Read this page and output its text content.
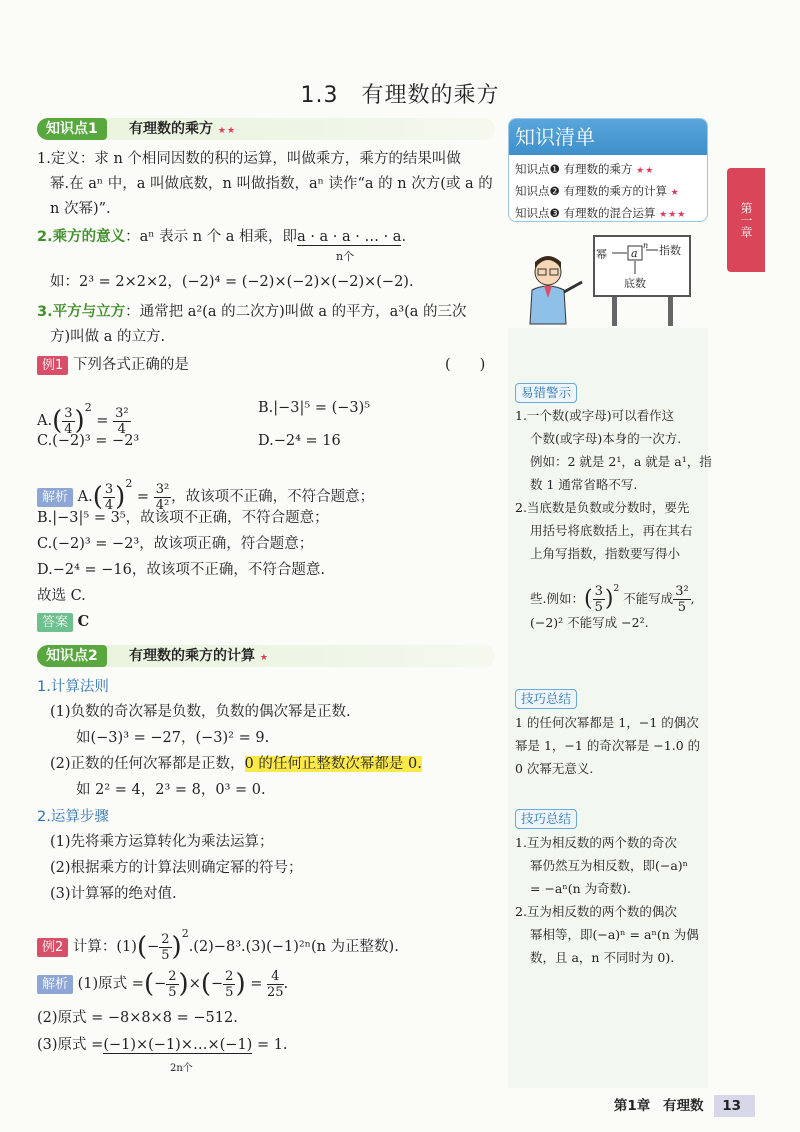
1.3　有理数的乘方
知识点1	有理数的乘方 ★★
1.定义：求 n 个相同因数的积的运算，叫做乘方，乘方的结果叫做
幂.在 aⁿ 中，a 叫做底数，n 叫做指数，aⁿ 读作“a 的 n 次方(或 a 的
n 次幂)”.
2.乘方的意义：aⁿ 表示 n 个 a 相乘，即a · a · a · … · a.
n个
如：2³ = 2×2×2，(−2)⁴ = (−2)×(−2)×(−2)×(−2).
3.平方与立方：通常把 a²(a 的二次方)叫做 a 的平方，a³(a 的三次
方)叫做 a 的立方.
例1 下列各式正确的是	(　　)
$A.( \frac{3}{4} )^2 = \frac{\text{3²}}{4}$	B.|−3|⁵ = (−3)⁵
C.(−2)³ = −2³	D.−2⁴ = 16
解析 $A.( \frac{3}{4} )^2 = \frac{\text{3²}}{\text{4²}}$ ，故该项不正确，不符合题意；
B.|−3|⁵ = 3⁵，故该项不正确，不符合题意；
C.(−2)³ = −2³，故该项正确，符合题意；
D.−2⁴ = −16，故该项不正确，不符合题意.
故选 C.
答案 C
知识点2	有理数的乘方的计算 ★
1.计算法则
(1)负数的奇次幂是负数，负数的偶次幂是正数.
如(−3)³ = −27，(−3)² = 9.
(2)正数的任何次幂都是正数，0 的任何正整数次幂都是 0.
如 2² = 4，2³ = 8，0³ = 0.
2.运算步骤
(1)先将乘方运算转化为乘法运算；
(2)根据乘方的计算法则确定幂的符号；
(3)计算幂的绝对值.
例2 计算：$(1)(- \frac{2}{5} )^2.(2)-8^3.(3)(-1)^{2n}(n$ 为正整数).
解析 (1)原式 =(− $\frac{2}{5}$ )×(− $\frac{2}{5}$ ) = $\frac{4}{25}$ .
(2)原式 = −8×8×8 = −512.
(3)原式 =(−1)×(−1)×…×(−1) = 1.
2n个
知识清单
知识点❶ 有理数的乘方 ★★
知识点❷ 有理数的乘方的计算 ★
知识点❸ 有理数的混合运算 ★★★
幂 a
n 指数
底数
易错警示
1.一个数(或字母)可以看作这
个数(或字母)本身的一次方.
例如：2 就是 2¹，a 就是 a¹，指
数 1 通常省略不写.
2.当底数是负数或分数时，要先
用括号将底数括上，再在其右
上角写指数，指数要写得小
些.例如：( $\frac{3}{5} )^2$ 不能写成 $\frac{\text{3²}}{5}$ ,
(−2)² 不能写成 −2².
技巧总结
1 的任何次幂都是 1，−1 的偶次
幂是 1，−1 的奇次幂是 −1.0 的
0 次幂无意义.
技巧总结
1.互为相反数的两个数的奇次
幂仍然互为相反数，即(−a)ⁿ
= −aⁿ(n 为奇数).
2.互为相反数的两个数的偶次
幂相等，即(−a)ⁿ = aⁿ(n 为偶
数，且 a，n 不同时为 0).
第一章
第1章 有理数 13
